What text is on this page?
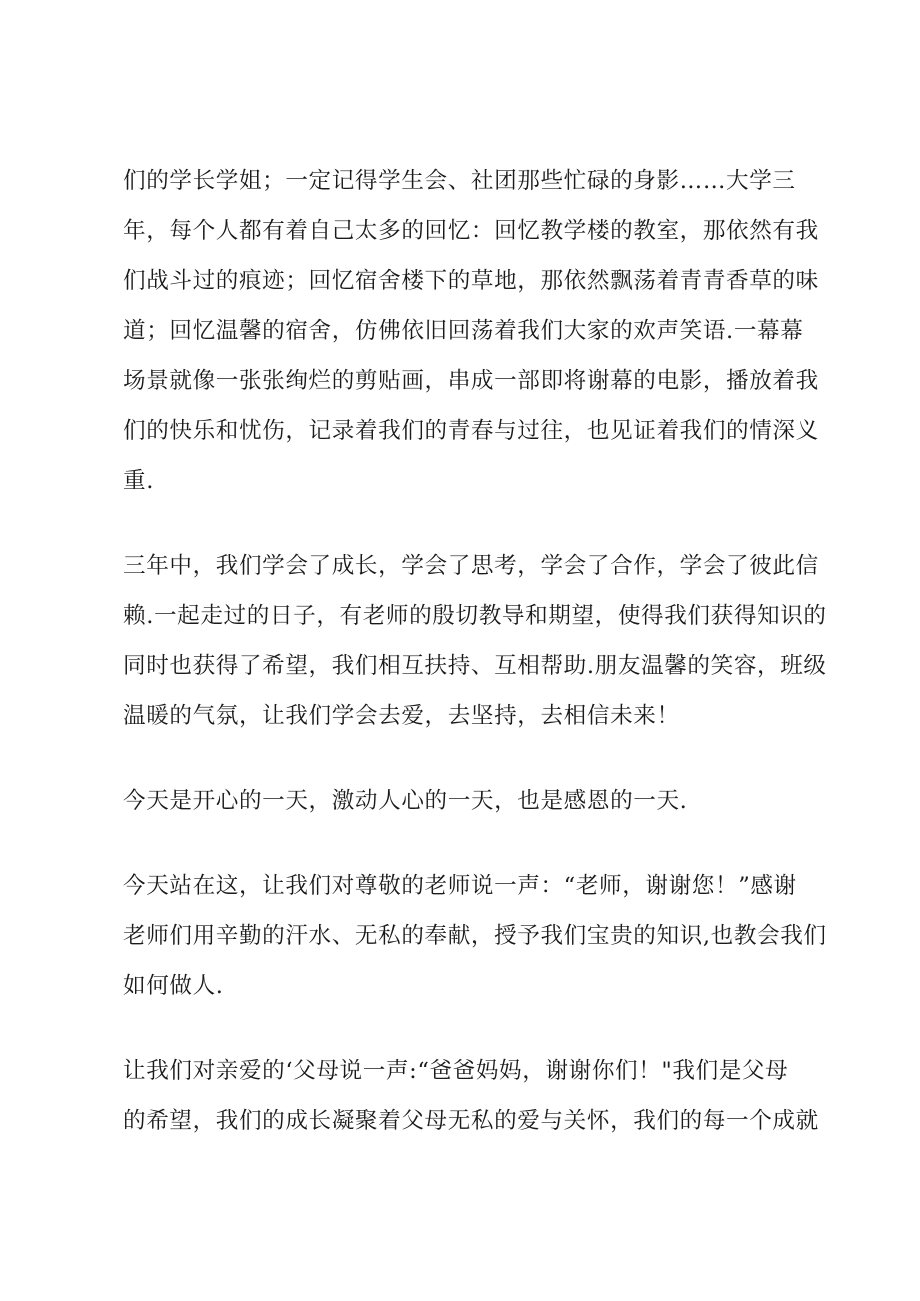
们的学长学姐；一定记得学生会、社团那些忙碌的身影……大学三
年，每个人都有着自己太多的回忆：回忆教学楼的教室，那依然有我
们战斗过的痕迹；回忆宿舍楼下的草地，那依然飘荡着青青香草的味
道；回忆温馨的宿舍，仿佛依旧回荡着我们大家的欢声笑语.一幕幕
场景就像一张张绚烂的剪贴画，串成一部即将谢幕的电影，播放着我
们的快乐和忧伤，记录着我们的青春与过往，也见证着我们的情深义
重.
三年中，我们学会了成长，学会了思考，学会了合作，学会了彼此信
赖.一起走过的日子，有老师的殷切教导和期望，使得我们获得知识的
同时也获得了希望，我们相互扶持、互相帮助.朋友温馨的笑容，班级
温暖的气氛，让我们学会去爱，去坚持，去相信未来！
今天是开心的一天，激动人心的一天，也是感恩的一天.
今天站在这，让我们对尊敬的老师说一声：“老师，谢谢您！”感谢
老师们用辛勤的汗水、无私的奉献，授予我们宝贵的知识,也教会我们
如何做人.
让我们对亲爱的‘父母说一声:“爸爸妈妈，谢谢你们！"我们是父母
的希望，我们的成长凝聚着父母无私的爱与关怀，我们的每一个成就
